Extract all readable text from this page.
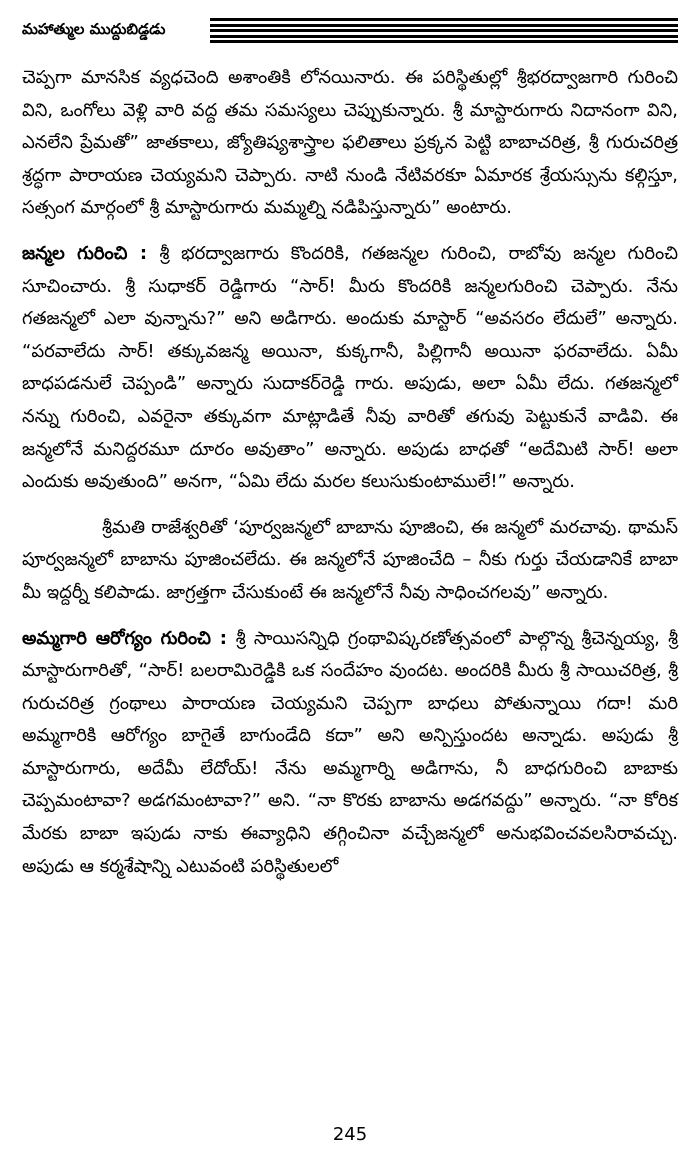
మహాత్ముల ముద్దుబిడ్డడు

చెప్పగా మానసిక వ్యధచెంది అశాంతికి లోనయినారు. ఈ పరిస్థితుల్లో శ్రీభరద్వాజగారి గురించి విని, ఒంగోలు వెళ్లి వారి వద్ద తమ సమస్యలు చెప్పుకున్నారు. శ్రీ మాస్టారుగారు నిదానంగా విని, ఎనలేని ప్రేమతో” జాతకాలు, జ్యోతిష్యశాస్త్రాల ఫలితాలు ప్రక్కన పెట్టి బాబాచరిత్ర, శ్రీ గురుచరిత్ర శ్రద్ధగా పారాయణ చెయ్యమని చెప్పారు. నాటి నుండి నేటివరకూ ఏమారక శ్రేయస్సును కల్గిస్తూ, సత్సంగ మార్గంలో శ్రీ మాస్టారుగారు మమ్మల్ని నడిపిస్తున్నారు” అంటారు.

జన్మల గురించి : శ్రీ భరద్వాజగారు కొందరికి, గతజన్మల గురించి, రాబోవు జన్మల గురించి సూచించారు. శ్రీ సుధాకర్ రెడ్డిగారు “సార్! మీరు కొందరికి జన్మలగురించి చెప్పారు. నేను గతజన్మలో ఎలా వున్నాను?” అని అడిగారు. అందుకు మాస్టార్ “అవసరం లేదులే” అన్నారు. “పరవాలేదు సార్! తక్కువజన్మ అయినా, కుక్కగానీ, పిల్లిగానీ అయినా ఫరవాలేదు. ఏమీ బాధపడనులే చెప్పండి” అన్నారు సుదాకర్‌రెడ్డి గారు. అపుడు, అలా ఏమీ లేదు. గతజన్మలో నన్ను గురించి, ఎవరైనా తక్కువగా మాట్లాడితే నీవు వారితో తగువు పెట్టుకునే వాడివి. ఈ జన్మలోనే మనిద్దరమూ దూరం అవుతాం” అన్నారు. అపుడు బాధతో “అదేమిటి సార్! అలా ఎందుకు అవుతుంది” అనగా, “ఏమి లేదు మరల కలుసుకుంటాములే!” అన్నారు.

శ్రీమతి రాజేశ్వరితో ‘పూర్వజన్మలో బాబాను పూజించి, ఈ జన్మలో మరచావు. థామస్ పూర్వజన్మలో బాబాను పూజించలేదు. ఈ జన్మలోనే పూజించేది – నీకు గుర్తు చేయడానికే బాబా మీ ఇద్దర్నీ కలిపాడు. జాగ్రత్తగా చేసుకుంటే ఈ జన్మలోనే నీవు సాధించగలవు” అన్నారు.

అమ్మగారి ఆరోగ్యం గురించి : శ్రీ సాయిసన్నిధి గ్రంథావిష్కరణోత్సవంలో పాల్గొన్న శ్రీచెన్నయ్య, శ్రీ మాస్టారుగారితో, “సార్! బలరామిరెడ్డికి ఒక సందేహం వుందట. అందరికి మీరు శ్రీ సాయిచరిత్ర, శ్రీ గురుచరిత్ర గ్రంథాలు పారాయణ చెయ్యమని చెప్పగా బాధలు పోతున్నాయి గదా! మరి అమ్మగారికి ఆరోగ్యం బాగైతే బాగుండేది కదా” అని అన్పిస్తుందట అన్నాడు. అపుడు శ్రీ మాస్టారుగారు, అదేమీ లేదోయ్! నేను అమ్మగార్ని అడిగాను, నీ బాధగురించి బాబాకు చెప్పమంటావా? అడగమంటావా?” అని. “నా కొరకు బాబాను అడగవద్దు” అన్నారు. “నా కోరిక మేరకు బాబా ఇపుడు నాకు ఈవ్యాధిని తగ్గించినా వచ్చేజన్మలో అనుభవించవలసిరావచ్చు. అపుడు ఆ కర్మశేషాన్ని ఎటువంటి పరిస్థితులలో

245
